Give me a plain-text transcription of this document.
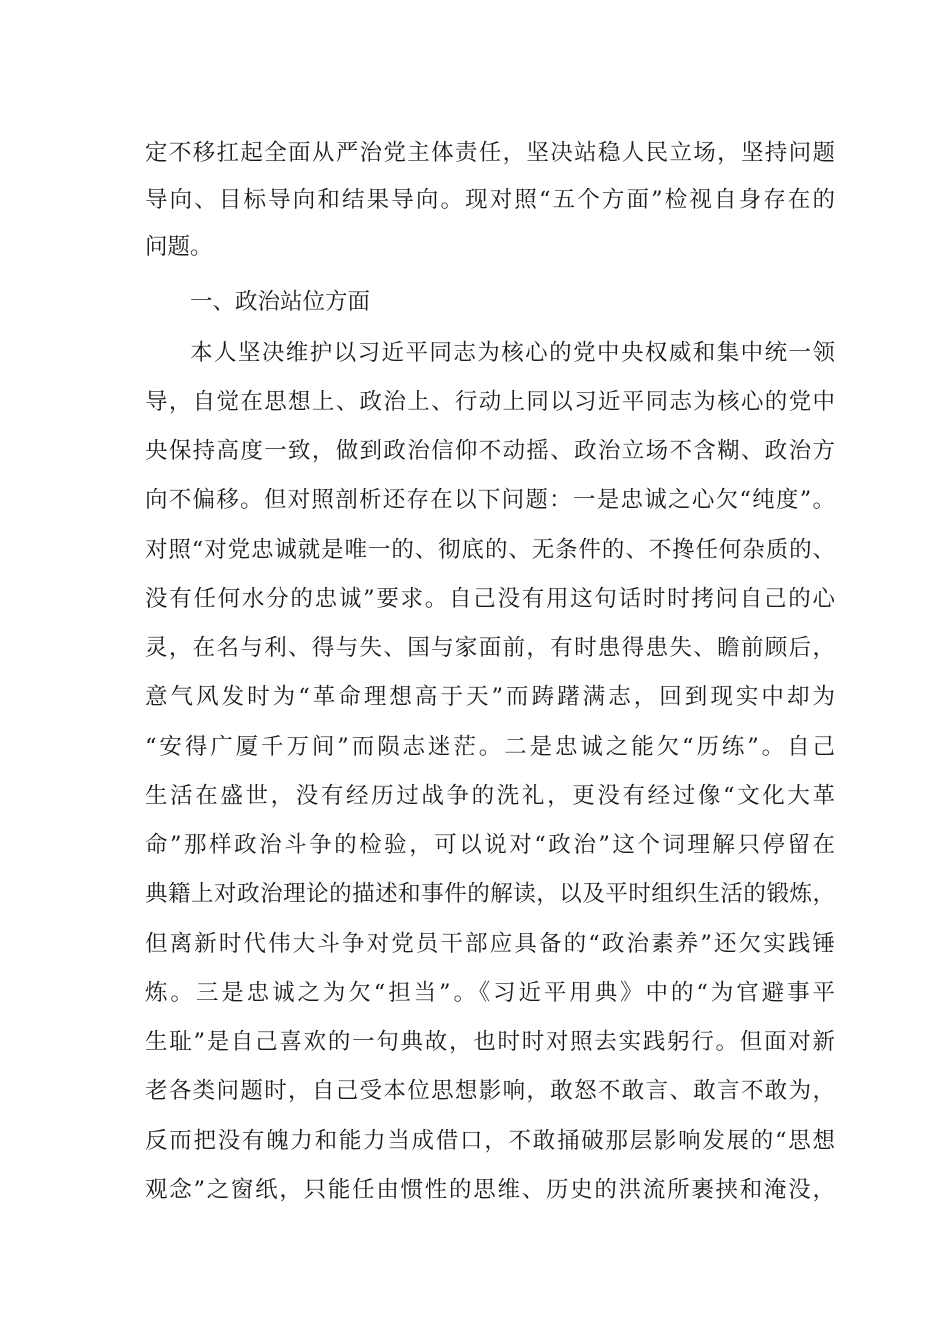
定不移扛起全面从严治党主体责任，坚决站稳人民立场，坚持问题
导向、目标导向和结果导向。现对照“五个方面”检视自身存在的
问题。
一、政治站位方面
本人坚决维护以习近平同志为核心的党中央权威和集中统一领
导，自觉在思想上、政治上、行动上同以习近平同志为核心的党中
央保持高度一致，做到政治信仰不动摇、政治立场不含糊、政治方
向不偏移。但对照剖析还存在以下问题：一是忠诚之心欠“纯度”。
对照“对党忠诚就是唯一的、彻底的、无条件的、不搀任何杂质的、
没有任何水分的忠诚”要求。自己没有用这句话时时拷问自己的心
灵，在名与利、得与失、国与家面前，有时患得患失、瞻前顾后，
意气风发时为“革命理想高于天”而踌躇满志，回到现实中却为
“安得广厦千万间”而陨志迷茫。二是忠诚之能欠“历练”。自己
生活在盛世，没有经历过战争的洗礼，更没有经过像“文化大革
命”那样政治斗争的检验，可以说对“政治”这个词理解只停留在
典籍上对政治理论的描述和事件的解读，以及平时组织生活的锻炼，
但离新时代伟大斗争对党员干部应具备的“政治素养”还欠实践锤
炼。三是忠诚之为欠“担当”。《习近平用典》中的“为官避事平
生耻”是自己喜欢的一句典故，也时时对照去实践躬行。但面对新
老各类问题时，自己受本位思想影响，敢怒不敢言、敢言不敢为，
反而把没有魄力和能力当成借口，不敢捅破那层影响发展的“思想
观念”之窗纸，只能任由惯性的思维、历史的洪流所裹挟和淹没，
